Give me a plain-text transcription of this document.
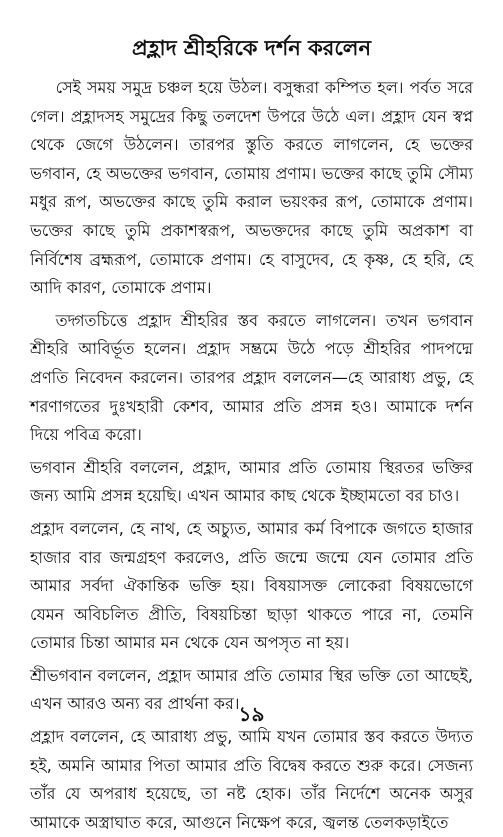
প্রহ্লাদ শ্রীহরিকে দর্শন করলেন

সেই সময় সমুদ্র চঞ্চল হয়ে উঠল। বসুন্ধরা কম্পিত হল। পর্বত সরে গেল। প্রহ্লাদসহ সমুদ্রের কিছু তলদেশ উপরে উঠে এল। প্রহ্লাদ যেন স্বপ্ন থেকে জেগে উঠলেন। তারপর স্তুতি করতে লাগলেন, হে ভক্তের ভগবান, হে অভক্তের ভগবান, তোমায় প্রণাম। ভক্তের কাছে তুমি সৌম্য মধুর রূপ, অভক্তের কাছে তুমি করাল ভয়ংকর রূপ, তোমাকে প্রণাম। ভক্তের কাছে তুমি প্রকাশস্বরূপ, অভক্তদের কাছে তুমি অপ্রকাশ বা নির্বিশেষ ব্রহ্মরূপ, তোমাকে প্রণাম। হে বাসুদেব, হে কৃষ্ণ, হে হরি, হে আদি কারণ, তোমাকে প্রণাম।

তদ্গতচিত্তে প্রহ্লাদ শ্রীহরির স্তব করতে লাগলেন। তখন ভগবান শ্রীহরি আবির্ভূত হলেন। প্রহ্লাদ সম্ভ্রমে উঠে পড়ে শ্রীহরির পাদপদ্মে প্রণতি নিবেদন করলেন। তারপর প্রহ্লাদ বললেন—হে আরাধ্য প্রভু, হে শরণাগতের দুঃখহারী কেশব, আমার প্রতি প্রসন্ন হও। আমাকে দর্শন দিয়ে পবিত্র করো।

ভগবান শ্রীহরি বললেন, প্রহ্লাদ, আমার প্রতি তোমায় স্থিরতর ভক্তির জন্য আমি প্রসন্ন হয়েছি। এখন আমার কাছ থেকে ইচ্ছামতো বর চাও।

প্রহ্লাদ বললেন, হে নাথ, হে অচ্যুত, আমার কর্ম বিপাকে জগতে হাজার হাজার বার জন্মগ্রহণ করলেও, প্রতি জন্মে জন্মে যেন তোমার প্রতি আমার সর্বদা ঐকান্তিক ভক্তি হয়। বিষয়াসক্ত লোকেরা বিষয়ভোগে যেমন অবিচলিত প্রীতি, বিষয়চিন্তা ছাড়া থাকতে পারে না, তেমনি তোমার চিন্তা আমার মন থেকে যেন অপসৃত না হয়।

শ্রীভগবান বললেন, প্রহ্লাদ আমার প্রতি তোমার স্থির ভক্তি তো আছেই, এখন আরও অন্য বর প্রার্থনা কর।

প্রহ্লাদ বললেন, হে আরাধ্য প্রভু, আমি যখন তোমার স্তব করতে উদ্যত হই, অমনি আমার পিতা আমার প্রতি বিদ্বেষ করতে শুরু করে। সেজন্য তাঁর যে অপরাধ হয়েছে, তা নষ্ট হোক। তাঁর নির্দেশে অনেক অসুর আমাকে অস্ত্রাঘাত করে, আগুনে নিক্ষেপ করে, জ্বলন্ত তেলকড়াইতে

১৯
